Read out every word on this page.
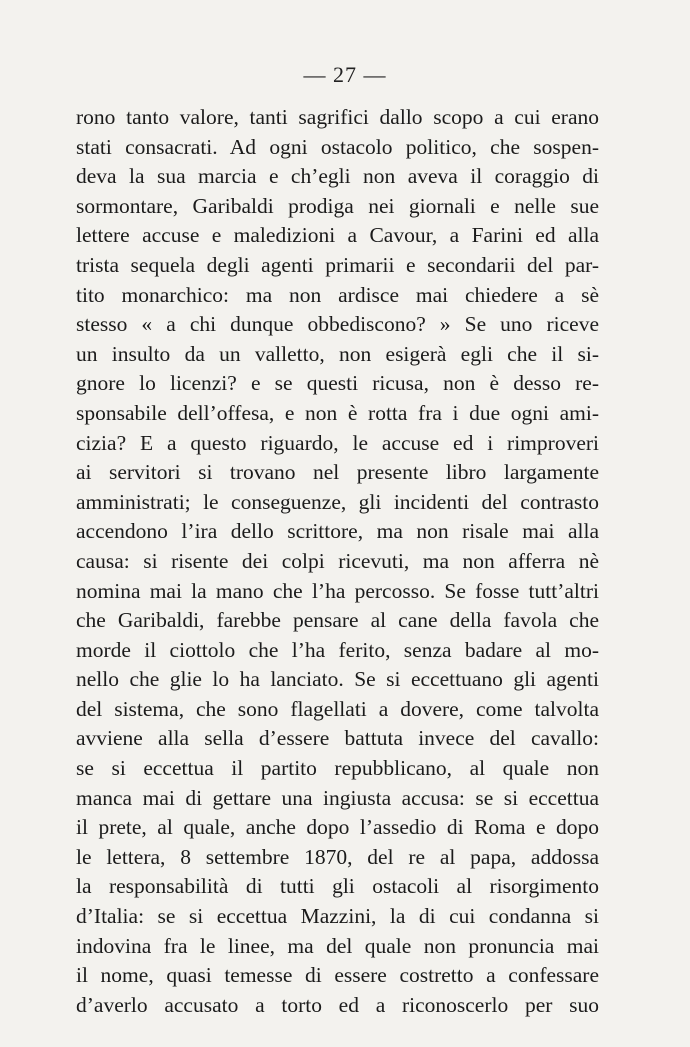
— 27 —
rono tanto valore, tanti sagrifici dallo scopo a cui erano
stati consacrati. Ad ogni ostacolo politico, che sospen-
deva la sua marcia e ch’egli non aveva il coraggio di
sormontare, Garibaldi prodiga nei giornali e nelle sue
lettere accuse e maledizioni a Cavour, a Farini ed alla
trista sequela degli agenti primarii e secondarii del par-
tito monarchico: ma non ardisce mai chiedere a sè
stesso « a chi dunque obbediscono? » Se uno riceve
un insulto da un valletto, non esigerà egli che il si-
gnore lo licenzi? e se questi ricusa, non è desso re-
sponsabile dell’offesa, e non è rotta fra i due ogni ami-
cizia? E a questo riguardo, le accuse ed i rimproveri
ai servitori si trovano nel presente libro largamente
amministrati; le conseguenze, gli incidenti del contrasto
accendono l’ira dello scrittore, ma non risale mai alla
causa: si risente dei colpi ricevuti, ma non afferra nè
nomina mai la mano che l’ha percosso. Se fosse tutt’altri
che Garibaldi, farebbe pensare al cane della favola che
morde il ciottolo che l’ha ferito, senza badare al mo-
nello che glie lo ha lanciato. Se si eccettuano gli agenti
del sistema, che sono flagellati a dovere, come talvolta
avviene alla sella d’essere battuta invece del cavallo:
se si eccettua il partito repubblicano, al quale non
manca mai di gettare una ingiusta accusa: se si eccettua
il prete, al quale, anche dopo l’assedio di Roma e dopo
le lettera, 8 settembre 1870, del re al papa, addossa
la responsabilità di tutti gli ostacoli al risorgimento
d’Italia: se si eccettua Mazzini, la di cui condanna si
indovina fra le linee, ma del quale non pronuncia mai
il nome, quasi temesse di essere costretto a confessare
d’averlo accusato a torto ed a riconoscerlo per suo
